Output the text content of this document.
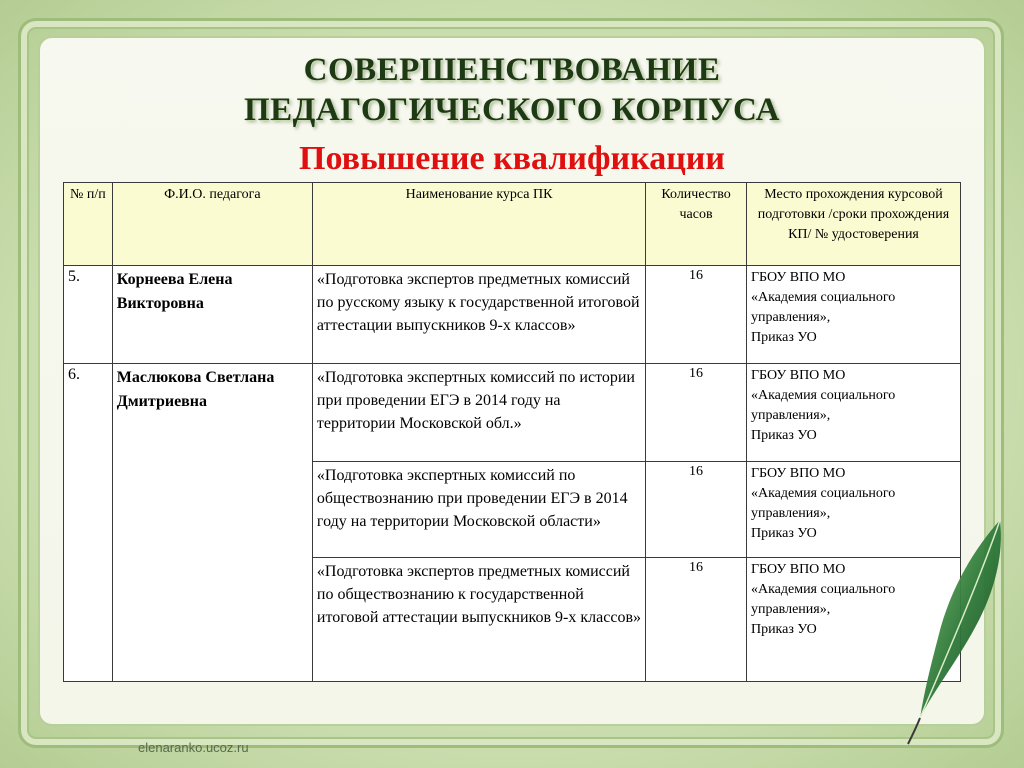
СОВЕРШЕНСТВОВАНИЕ
ПЕДАГОГИЧЕСКОГО КОРПУСА
Повышение квалификации
№ п/п	Ф.И.О. педагога	Наименование курса ПК	Количество часов	Место прохождения курсовой подготовки /сроки прохождения КП/ № удостоверения
5.	Корнеева Елена Викторовна	«Подготовка экспертов предметных комиссий по русскому языку к государственной итоговой аттестации выпускников 9-х классов»	16	ГБОУ ВПО МО
«Академия социального управления»,
Приказ УО

6.	Маслюкова Светлана Дмитриевна	«Подготовка экспертных комиссий по истории при проведении ЕГЭ в 2014 году на территории Московской обл.»	16	ГБОУ ВПО МО
«Академия социального управления»,
Приказ УО

		«Подготовка экспертных комиссий по обществознанию при проведении ЕГЭ в 2014 году на территории Московской области»	16	ГБОУ ВПО МО
«Академия социального управления»,
Приказ УО

		«Подготовка экспертов предметных комиссий по обществознанию к государственной итоговой аттестации выпускников 9-х классов»	16	ГБОУ ВПО МО
«Академия социального управления»,
Приказ УО
elenaranko.ucoz.ru
